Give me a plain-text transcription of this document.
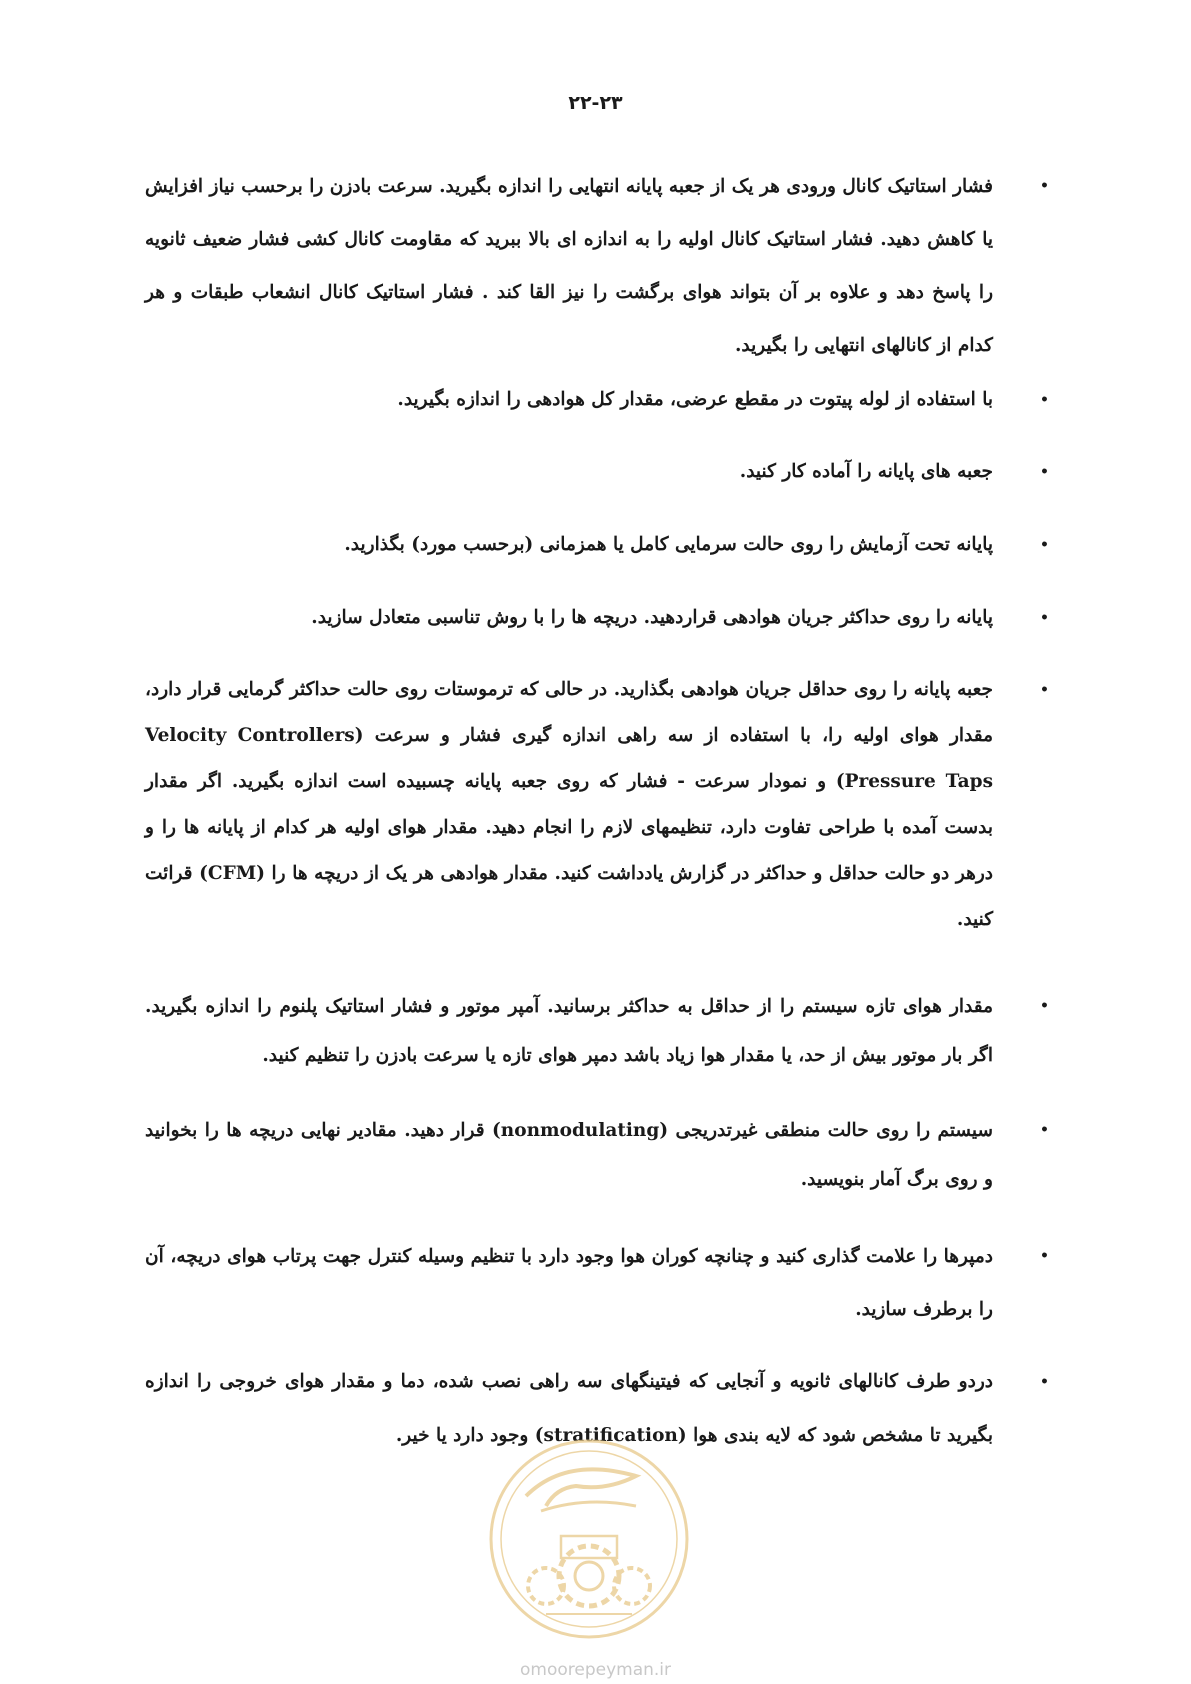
۲۲-۲۳
• فشار استاتیک کانال ورودی هر یک از جعبه پایانه انتهایی را اندازه بگیرید. سرعت بادزن را برحسب نیاز افزایش یا کاهش دهید. فشار استاتیک کانال اولیه را به اندازه ای بالا ببرید که مقاومت کانال کشی فشار ضعیف ثانویه را پاسخ دهد و علاوه بر آن بتواند هوای برگشت را نیز القا کند . فشار استاتیک کانال انشعاب طبقات و هر کدام از کانالهای انتهایی را بگیرید.
• با استفاده از لوله پیتوت در مقطع عرضی، مقدار کل هوادهی را اندازه بگیرید.
• جعبه های پایانه را آماده کار کنید.
• پایانه تحت آزمایش را روی حالت سرمایی کامل یا همزمانی (برحسب مورد) بگذارید.
• پایانه را روی حداکثر جریان هوادهی قراردهید. دریچه ها را با روش تناسبی متعادل سازید.
• جعبه پایانه را روی حداقل جریان هوادهی بگذارید. در حالی که ترموستات روی حالت حداکثر گرمایی قرار دارد، مقدار هوای اولیه را، با استفاده از سه راهی اندازه گیری فشار و سرعت (Velocity Controllers Pressure Taps) و نمودار سرعت - فشار که روی جعبه پایانه چسبیده است اندازه بگیرید. اگر مقدار بدست آمده با طراحی تفاوت دارد، تنظیمهای لازم را انجام دهید. مقدار هوای اولیه هر کدام از پایانه ها را و درهر دو حالت حداقل و حداکثر در گزارش یادداشت کنید. مقدار هوادهی هر یک از دریچه ها را (CFM) قرائت کنید.
• مقدار هوای تازه سیستم را از حداقل به حداکثر برسانید. آمپر موتور و فشار استاتیک پلنوم را اندازه بگیرید. اگر بار موتور بیش از حد، یا مقدار هوا زیاد باشد دمپر هوای تازه یا سرعت بادزن را تنظیم کنید.
• سیستم را روی حالت منطقی غیرتدریجی (nonmodulating) قرار دهید. مقادیر نهایی دریچه ها را بخوانید و روی برگ آمار بنویسید.
• دمپرها را علامت گذاری کنید و چنانچه کوران هوا وجود دارد با تنظیم وسیله کنترل جهت پرتاب هوای دریچه، آن را برطرف سازید.
• دردو طرف کانالهای ثانویه و آنجایی که فیتینگهای سه راهی نصب شده، دما و مقدار هوای خروجی را اندازه بگیرید تا مشخص شود که لایه بندی هوا (stratification) وجود دارد یا خیر.
omoorepeyman.ir
